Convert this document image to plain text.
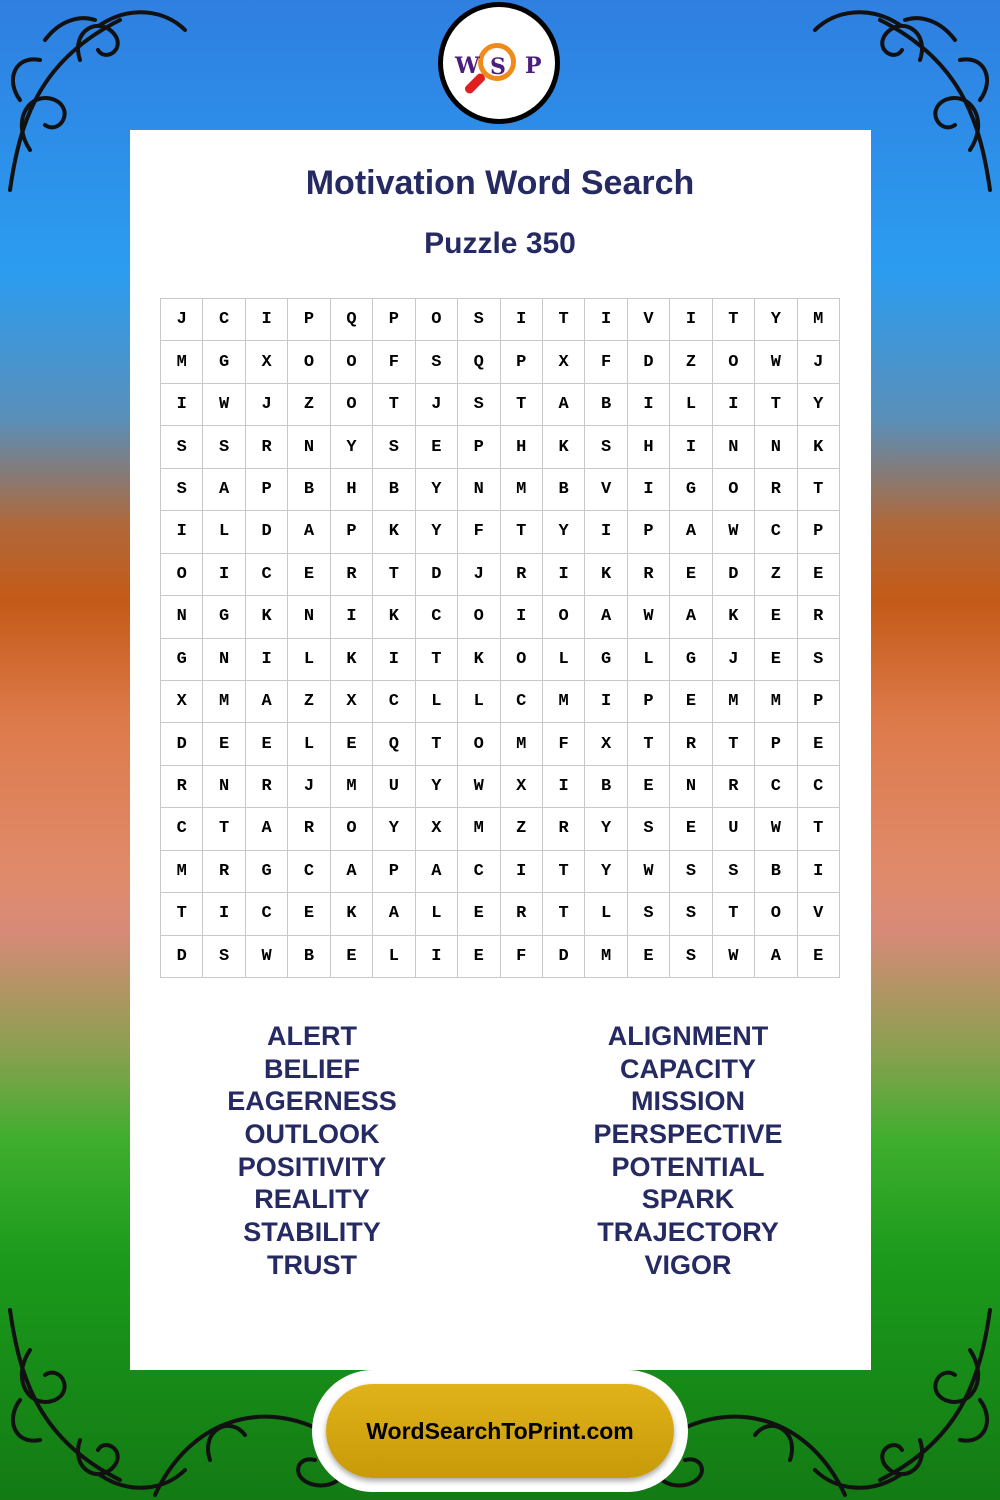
W S P
Motivation Word Search
Puzzle 350
J	C	I	P	Q	P	O	S	I	T	I	V	I	T	Y	M
M	G	X	O	O	F	S	Q	P	X	F	D	Z	O	W	J
I	W	J	Z	O	T	J	S	T	A	B	I	L	I	T	Y
S	S	R	N	Y	S	E	P	H	K	S	H	I	N	N	K
S	A	P	B	H	B	Y	N	M	B	V	I	G	O	R	T
I	L	D	A	P	K	Y	F	T	Y	I	P	A	W	C	P
O	I	C	E	R	T	D	J	R	I	K	R	E	D	Z	E
N	G	K	N	I	K	C	O	I	O	A	W	A	K	E	R
G	N	I	L	K	I	T	K	O	L	G	L	G	J	E	S
X	M	A	Z	X	C	L	L	C	M	I	P	E	M	M	P
D	E	E	L	E	Q	T	O	M	F	X	T	R	T	P	E
R	N	R	J	M	U	Y	W	X	I	B	E	N	R	C	C
C	T	A	R	O	Y	X	M	Z	R	Y	S	E	U	W	T
M	R	G	C	A	P	A	C	I	T	Y	W	S	S	B	I
T	I	C	E	K	A	L	E	R	T	L	S	S	T	O	V
D	S	W	B	E	L	I	E	F	D	M	E	S	W	A	E
ALERT
BELIEF
EAGERNESS
OUTLOOK
POSITIVITY
REALITY
STABILITY
TRUST
ALIGNMENT
CAPACITY
MISSION
PERSPECTIVE
POTENTIAL
SPARK
TRAJECTORY
VIGOR
WordSearchToPrint.com
